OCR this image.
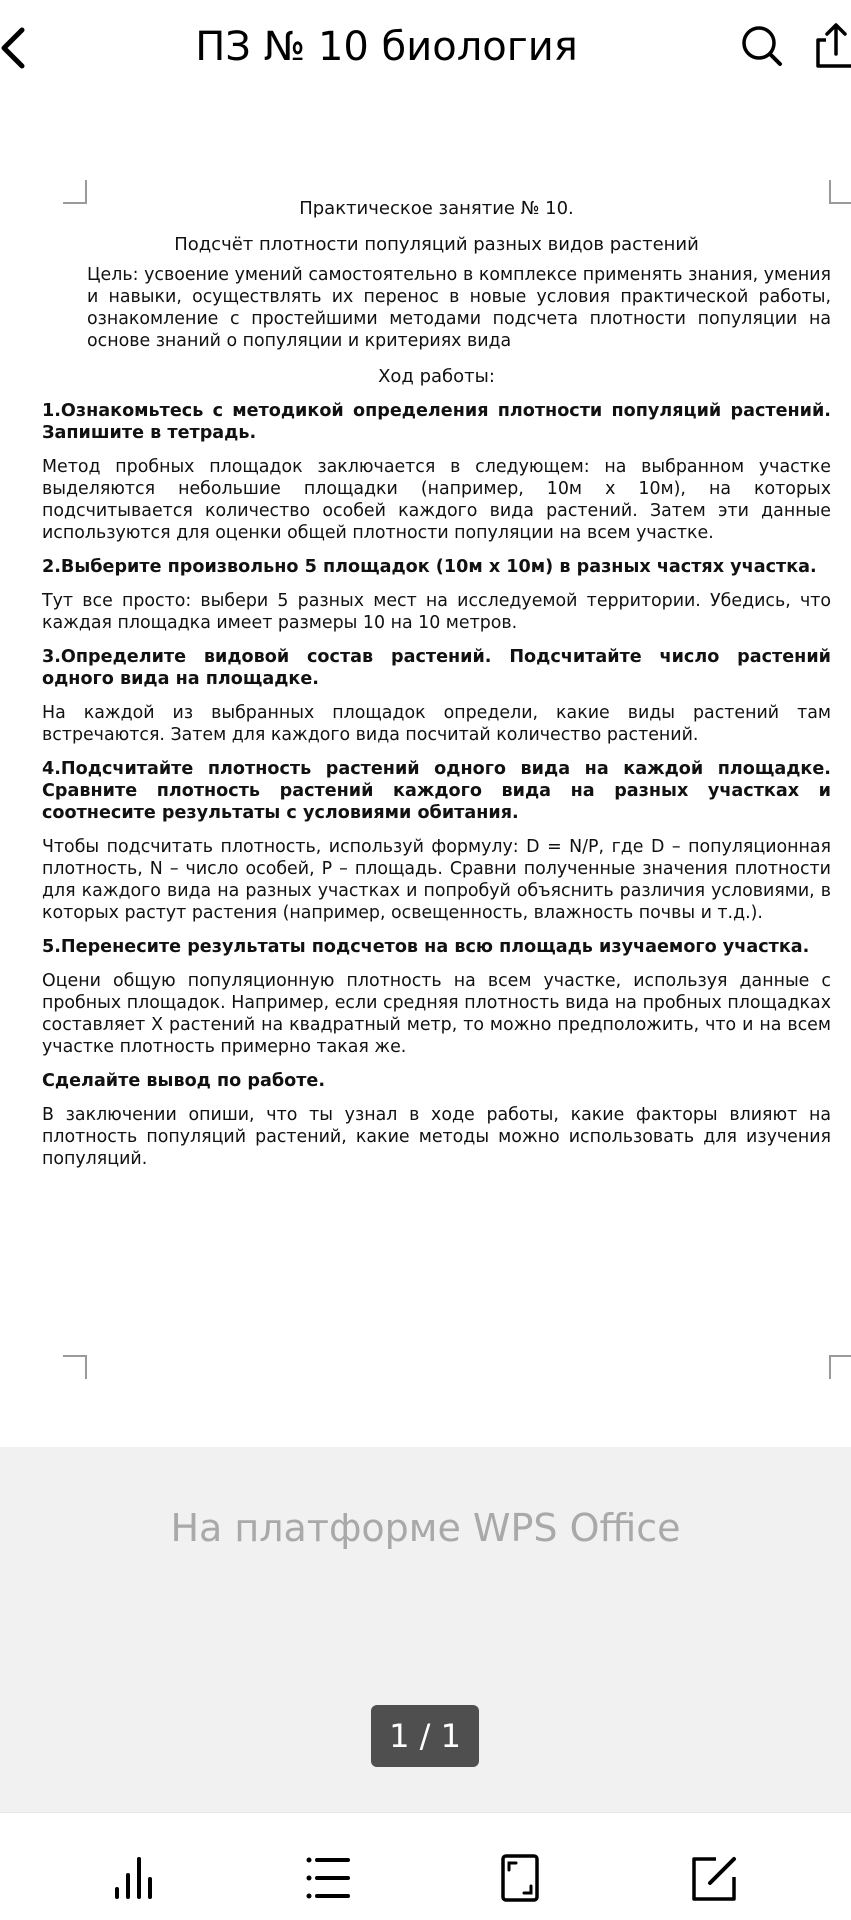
ПЗ № 10 биология
Практическое занятие № 10.
Подсчёт плотности популяций разных видов растений

Цель: усвоение умений самостоятельно в комплексе применять знания, умения и навыки, осуществлять их перенос в новые условия практической работы, ознакомление с простейшими методами подсчета плотности популяции на основе знаний о популяции и критериях вида

Ход работы:

1.Ознакомьтесь с методикой определения плотности популяций растений. Запишите в тетрадь.

Метод пробных площадок заключается в следующем: на выбранном участке выделяются небольшие площадки (например, 10м х 10м), на которых подсчитывается количество особей каждого вида растений. Затем эти данные используются для оценки общей плотности популяции на всем участке.

2.Выберите произвольно 5 площадок (10м х 10м) в разных частях участка.

Тут все просто: выбери 5 разных мест на исследуемой территории. Убедись, что каждая площадка имеет размеры 10 на 10 метров.

3.Определите видовой состав растений. Подсчитайте число растений одного вида на площадке.

На каждой из выбранных площадок определи, какие виды растений там встречаются. Затем для каждого вида посчитай количество растений.

4.Подсчитайте плотность растений одного вида на каждой площадке. Сравните плотность растений каждого вида на разных участках и соотнесите результаты с условиями обитания.

Чтобы подсчитать плотность, используй формулу: D = N/P, где D – популяционная плотность, N – число особей, P – площадь. Сравни полученные значения плотности для каждого вида на разных участках и попробуй объяснить различия условиями, в которых растут растения (например, освещенность, влажность почвы и т.д.).

5.Перенесите результаты подсчетов на всю площадь изучаемого участка.

Оцени общую популяционную плотность на всем участке, используя данные с пробных площадок. Например, если средняя плотность вида на пробных площадках составляет X растений на квадратный метр, то можно предположить, что и на всем участке плотность примерно такая же.

Сделайте вывод по работе.

В заключении опиши, что ты узнал в ходе работы, какие факторы влияют на плотность популяций растений, какие методы можно использовать для изучения популяций.

На платформе WPS Office
1 / 1
